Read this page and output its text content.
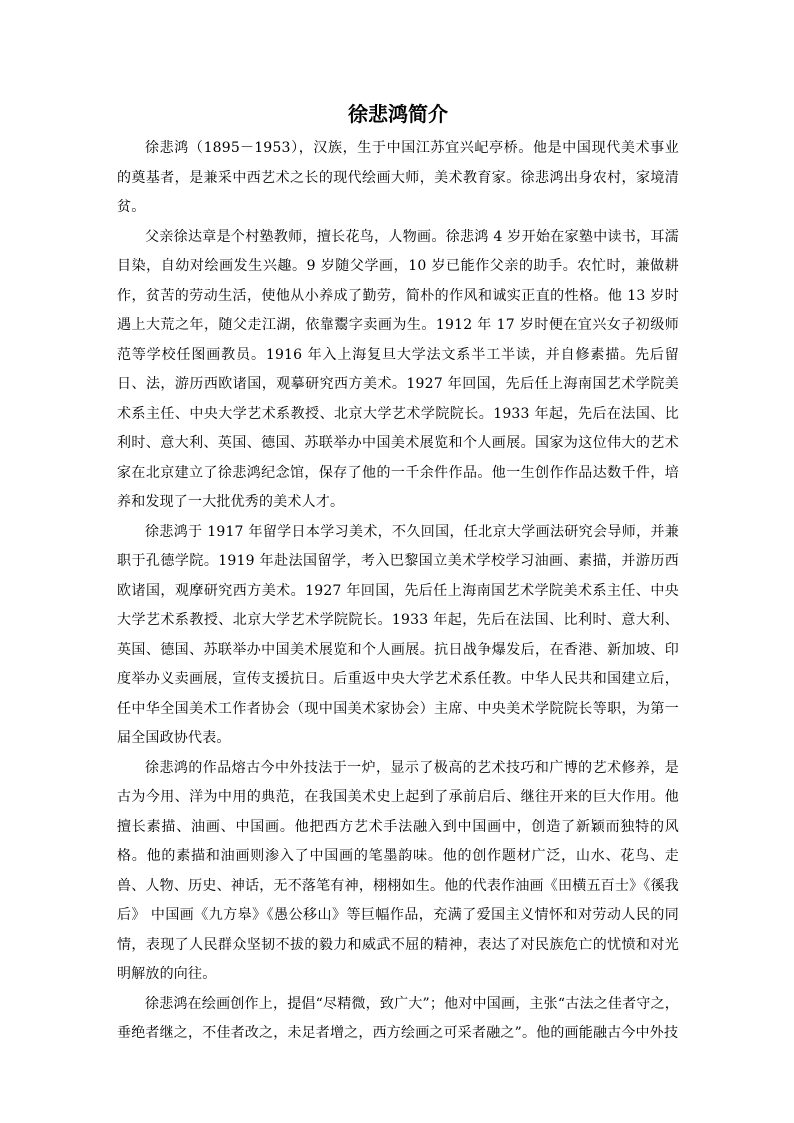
徐悲鸿简介

徐悲鸿（1895－1953），汉族，生于中国江苏宜兴屺亭桥。他是中国现代美术事业的奠基者，是兼采中西艺术之长的现代绘画大师，美术教育家。徐悲鸿出身农村，家境清贫。

父亲徐达章是个村塾教师，擅长花鸟，人物画。徐悲鸿 4 岁开始在家塾中读书，耳濡目染，自幼对绘画发生兴趣。9 岁随父学画，10 岁已能作父亲的助手。农忙时，兼做耕作，贫苦的劳动生活，使他从小养成了勤劳，简朴的作风和诚实正直的性格。他 13 岁时遇上大荒之年，随父走江湖，依靠鬻字卖画为生。1912 年 17 岁时便在宜兴女子初级师范等学校任图画教员。1916 年入上海复旦大学法文系半工半读，并自修素描。先后留日、法，游历西欧诸国，观摹研究西方美术。1927 年回国，先后任上海南国艺术学院美术系主任、中央大学艺术系教授、北京大学艺术学院院长。1933 年起，先后在法国、比利时、意大利、英国、德国、苏联举办中国美术展览和个人画展。国家为这位伟大的艺术家在北京建立了徐悲鸿纪念馆，保存了他的一千余件作品。他一生创作作品达数千件，培养和发现了一大批优秀的美术人才。

徐悲鸿于 1917 年留学日本学习美术，不久回国，任北京大学画法研究会导师，并兼职于孔德学院。1919 年赴法国留学，考入巴黎国立美术学校学习油画、素描，并游历西欧诸国，观摩研究西方美术。1927 年回国，先后任上海南国艺术学院美术系主任、中央大学艺术系教授、北京大学艺术学院院长。1933 年起，先后在法国、比利时、意大利、英国、德国、苏联举办中国美术展览和个人画展。抗日战争爆发后，在香港、新加坡、印度举办义卖画展，宣传支援抗日。后重返中央大学艺术系任教。中华人民共和国建立后，任中华全国美术工作者协会（现中国美术家协会）主席、中央美术学院院长等职，为第一届全国政协代表。

徐悲鸿的作品熔古今中外技法于一炉，显示了极高的艺术技巧和广博的艺术修养，是古为今用、洋为中用的典范，在我国美术史上起到了承前启后、继往开来的巨大作用。他擅长素描、油画、中国画。他把西方艺术手法融入到中国画中，创造了新颖而独特的风格。他的素描和油画则渗入了中国画的笔墨韵味。他的创作题材广泛，山水、花鸟、走兽、人物、历史、神话，无不落笔有神，栩栩如生。他的代表作油画《田横五百士》《徯我后》 中国画《九方皋》《愚公移山》等巨幅作品，充满了爱国主义情怀和对劳动人民的同情，表现了人民群众坚韧不拔的毅力和威武不屈的精神，表达了对民族危亡的忧愤和对光明解放的向往。

徐悲鸿在绘画创作上，提倡“尽精微，致广大”；他对中国画，主张“古法之佳者守之，垂绝者继之，不佳者改之，未足者增之，西方绘画之可采者融之”。他的画能融古今中外技
